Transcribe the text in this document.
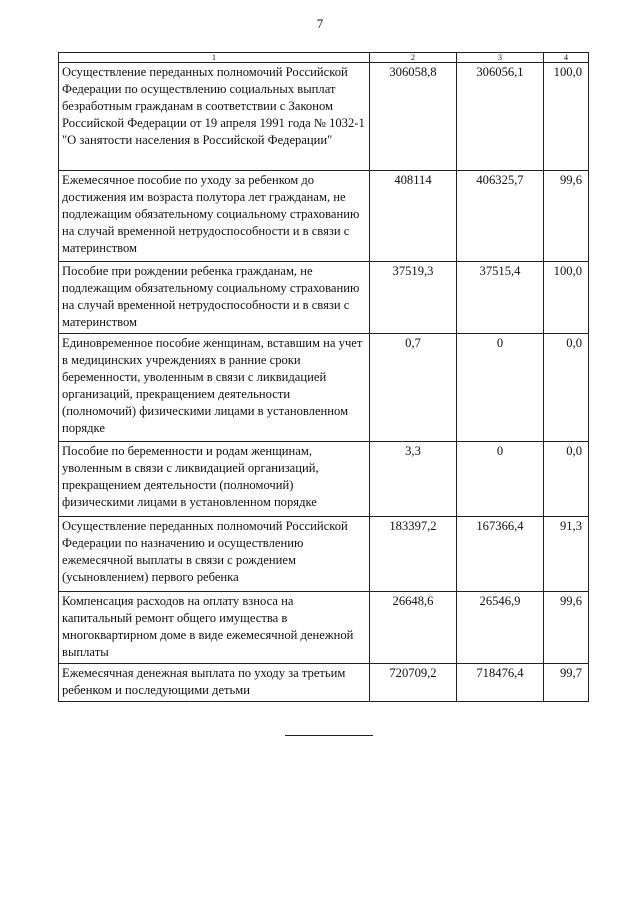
7
1	2	3	4
Осуществление переданных полномочий Российской Федерации по осуществлению социальных выплат безработным гражданам в соответствии с Законом Российской Федерации от 19 апреля 1991 года № 1032-1 "О занятости населения в Российской Федерации"	306058,8	306056,1	100,0
Ежемесячное пособие по уходу за ребенком до достижения им возраста полутора лет гражданам, не подлежащим обязательному социальному страхованию на случай временной нетрудоспособности и в связи с материнством	408114	406325,7	99,6
Пособие при рождении ребенка гражданам, не подлежащим обязательному социальному страхованию на случай временной нетрудоспособности и в связи с материнством	37519,3	37515,4	100,0
Единовременное пособие женщинам, вставшим на учет в медицинских учреждениях в ранние сроки беременности, уволенным в связи с ликвидацией организаций, прекращением деятельности (полномочий) физическими лицами в установленном порядке	0,7	0	0,0
Пособие по беременности и родам женщинам, уволенным в связи с ликвидацией организаций, прекращением деятельности (полномочий) физическими лицами в установленном порядке	3,3	0	0,0
Осуществление переданных полномочий Российской Федерации по назначению и осуществлению ежемесячной выплаты в связи с рождением (усыновлением) первого ребенка	183397,2	167366,4	91,3
Компенсация расходов на оплату взноса на капитальный ремонт общего имущества в многоквартирном доме в виде ежемесячной денежной выплаты	26648,6	26546,9	99,6
Ежемесячная денежная выплата по уходу за третьим ребенком и последующими детьми	720709,2	718476,4	99,7
